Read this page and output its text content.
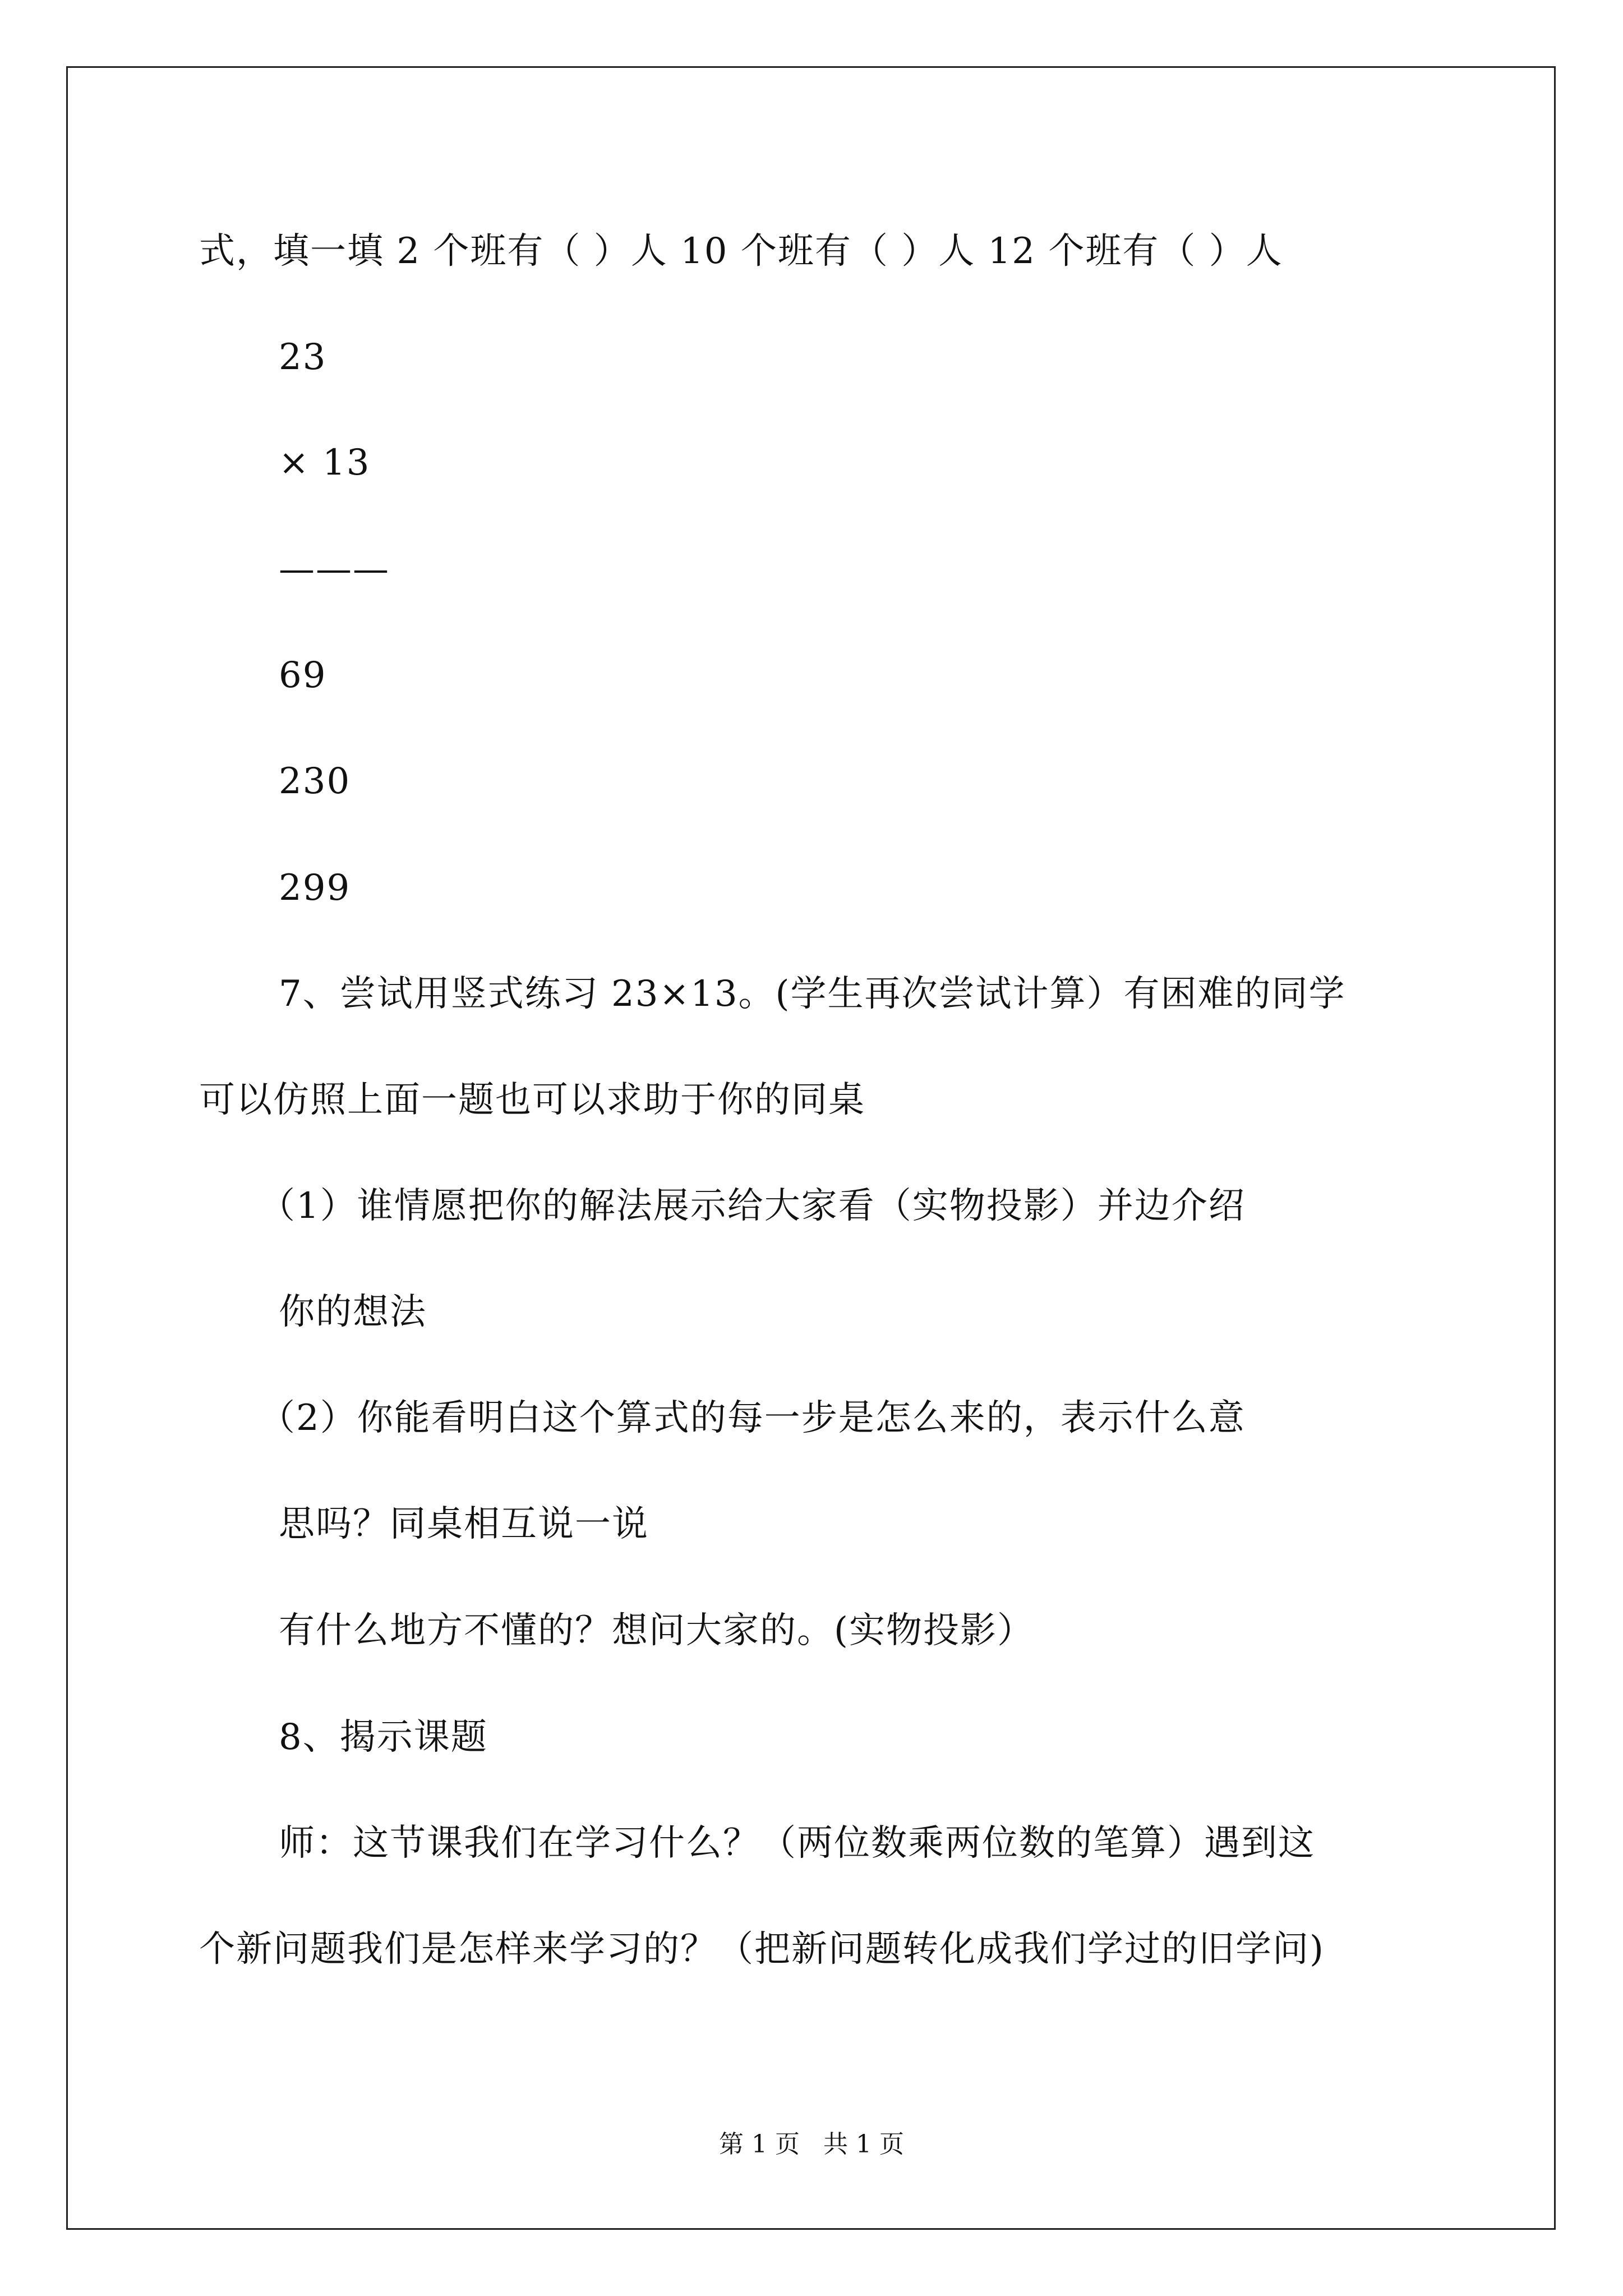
式，填一填 2 个班有（ ）人 10 个班有（ ）人 12 个班有（ ）人
23
× 13
———
69
230
299
7、尝试用竖式练习 23×13。(学生再次尝试计算）有困难的同学
可以仿照上面一题也可以求助于你的同桌
（1）谁情愿把你的解法展示给大家看（实物投影）并边介绍
你的想法
（2）你能看明白这个算式的每一步是怎么来的，表示什么意
思吗？同桌相互说一说
有什么地方不懂的？想问大家的。(实物投影）
8、揭示课题
师：这节课我们在学习什么？（两位数乘两位数的笔算）遇到这
个新问题我们是怎样来学习的？（把新问题转化成我们学过的旧学问)
第 1 页   共 1 页
